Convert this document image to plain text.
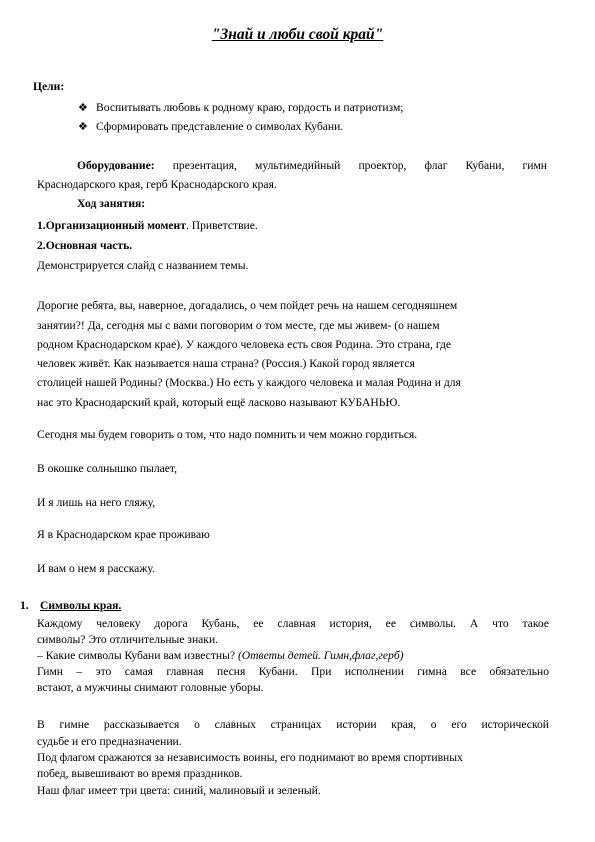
"Знай и люби свой край"
Цели:
❖ Воспитывать любовь к родному краю, гордость и патриотизм;
❖ Сформировать представление о символах Кубани.
Оборудование: презентация, мультимедийный проектор, флаг Кубани, гимн
Краснодарского края, герб Краснодарского края.
Ход занятия:
1.Организационный момент. Приветствие.
2.Основная часть.
Демонстрируется слайд с названием темы.
Дорогие ребята, вы, наверное, догадались, о чем пойдет речь на нашем сегодняшнем
занятии?! Да, сегодня мы с вами поговорим о том месте, где мы живем- (о нашем
родном Краснодарском крае). У каждого человека есть своя Родина. Это страна, где
человек живёт. Как называется наша страна? (Россия.) Какой город является
столицей нашей Родины? (Москва.) Но есть у каждого человека и малая Родина и для
нас это Краснодарский край, который ещё ласково называют КУБАНЬЮ.
Сегодня мы будем говорить о том, что надо помнить и чем можно гордиться.
В окошке солнышко пылает,
И я лишь на него гляжу,
Я в Краснодарском крае проживаю
И вам о нем я расскажу.
1. Символы края.
Каждому человеку дорога Кубань, ее славная история, ее символы. А что такое
символы? Это отличительные знаки.
– Какие символы Кубани вам известны? (Ответы детей. Гимн,флаг,герб)
Гимн – это самая главная песня Кубани. При исполнении гимна все обязательно
встают, а мужчины снимают головные уборы.
В гимне рассказывается о славных страницах истории края, о его исторической
судьбе и его предназначении.
Под флагом сражаются за независимость воины, его поднимают во время спортивных
побед, вывешивают во время праздников.
Наш флаг имеет три цвета: синий, малиновый и зеленый.
